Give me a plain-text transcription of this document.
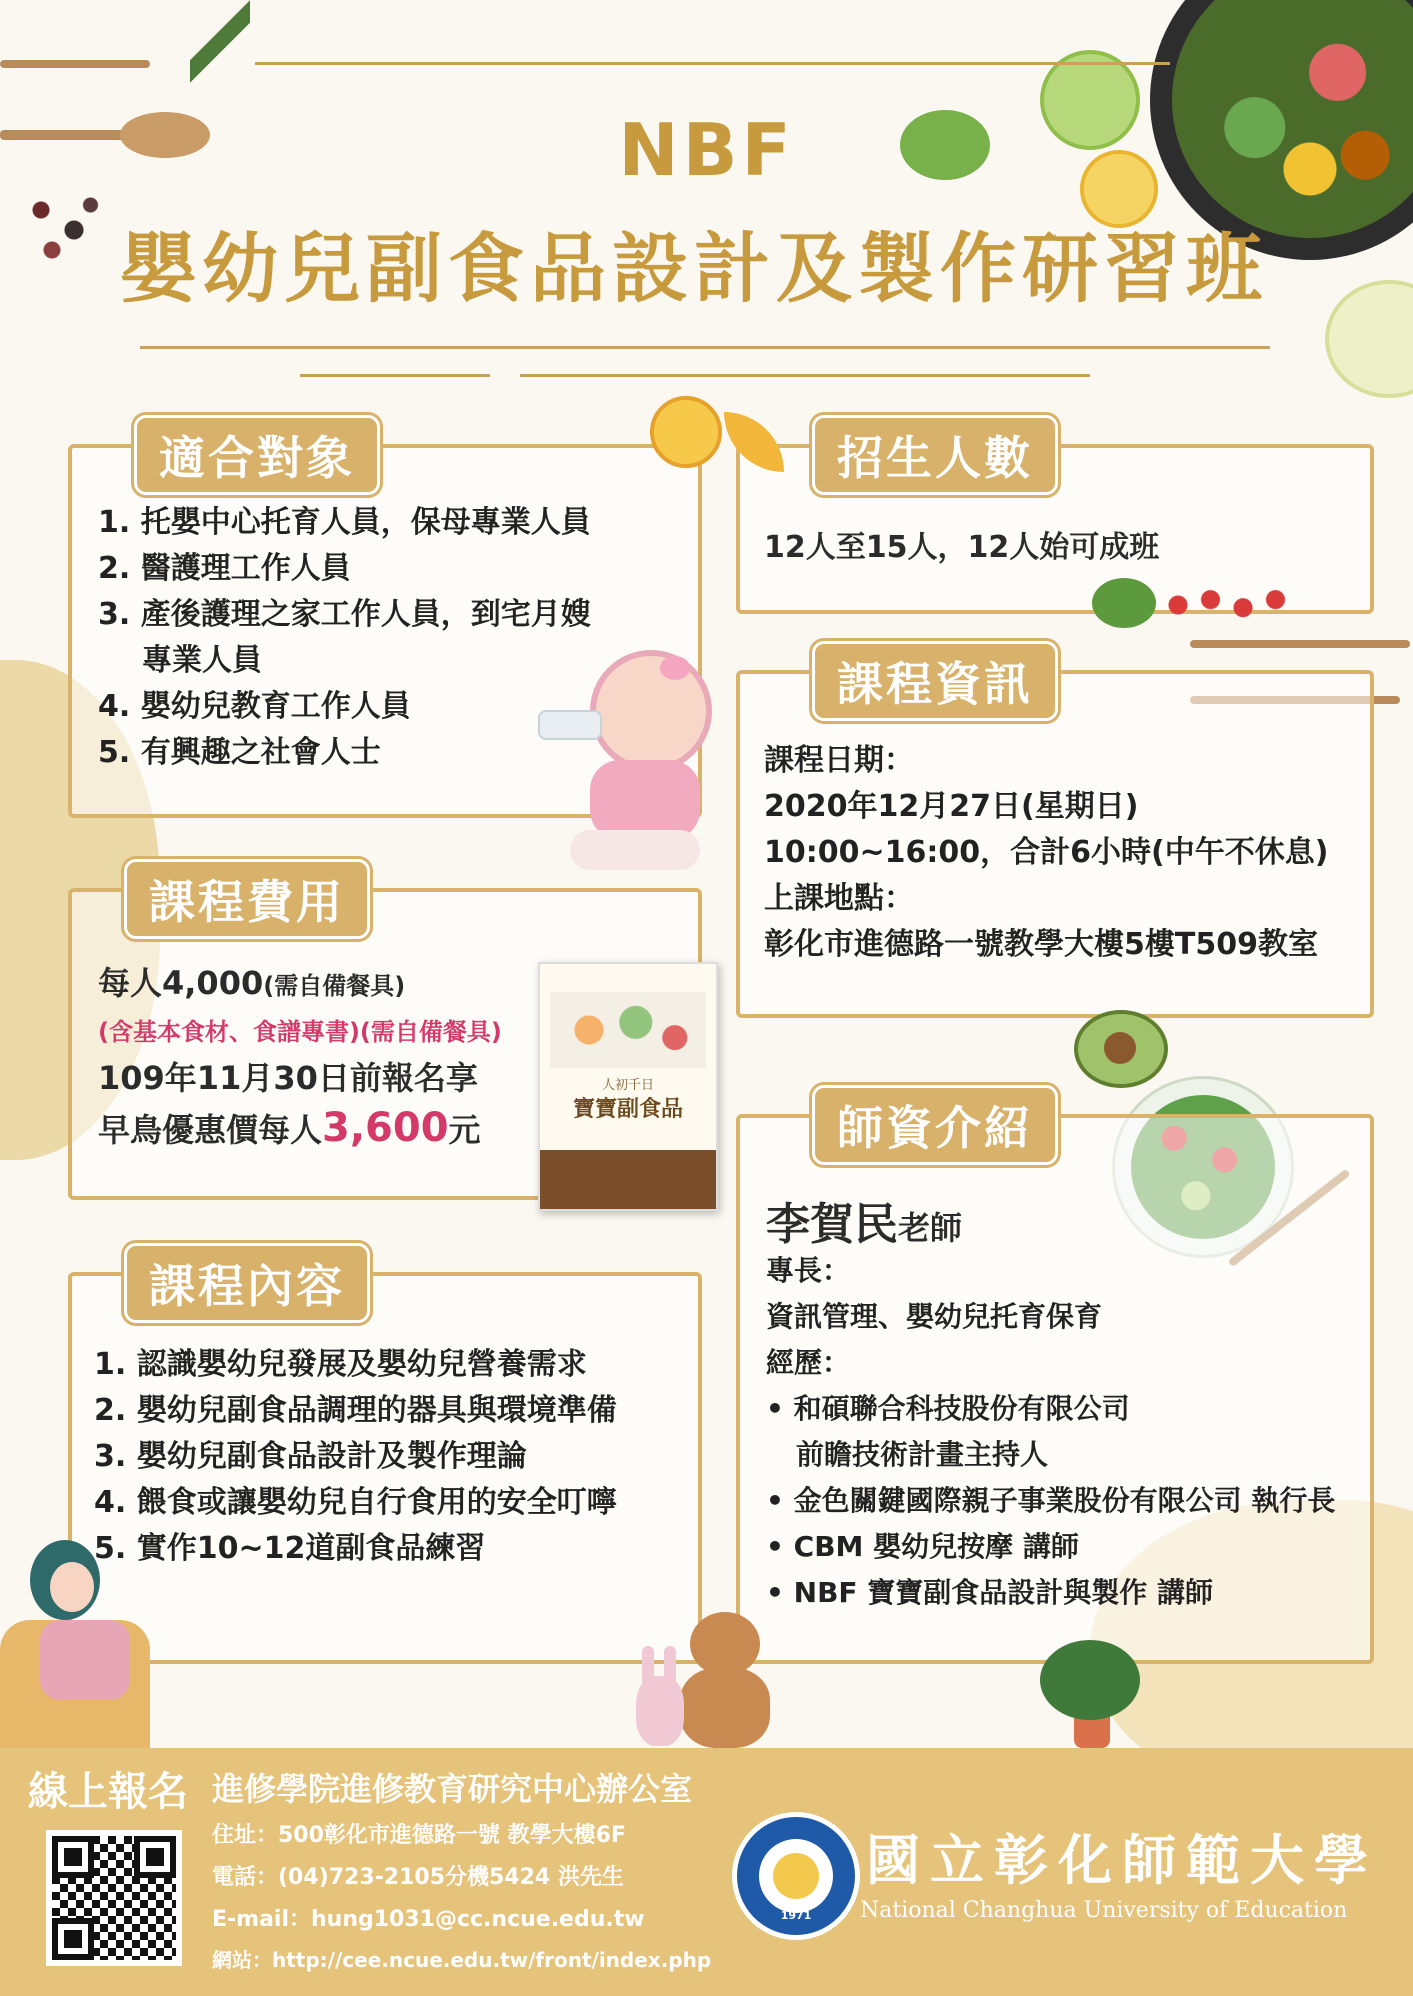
NBF
嬰幼兒副食品設計及製作研習班
適合對象
1. 托嬰中心托育人員，保母專業人員
2. 醫護理工作人員
3. 產後護理之家工作人員，到宅月嫂
專業人員
4. 嬰幼兒教育工作人員
5. 有興趣之社會人士
招生人數
12人至15人，12人始可成班
課程資訊
課程日期：
2020年12月27日(星期日)
10:00~16:00，合計6小時(中午不休息)
上課地點：
彰化市進德路一號教學大樓5樓T509教室
課程費用
每人4,000(需自備餐具)
(含基本食材、食譜專書)(需自備餐具)
109年11月30日前報名享
早鳥優惠價每人3,600元
人初千日
寶寶副食品	師資介紹
李賀民老師
專長：
資訊管理、嬰幼兒托育保育
經歷：
• 和碩聯合科技股份有限公司
前瞻技術計畫主持人
• 金色關鍵國際親子事業股份有限公司 執行長
• CBM 嬰幼兒按摩 講師
• NBF 寶寶副食品設計與製作 講師
課程內容
1. 認識嬰幼兒發展及嬰幼兒營養需求
2. 嬰幼兒副食品調理的器具與環境準備
3. 嬰幼兒副食品設計及製作理論
4. 餵食或讓嬰幼兒自行食用的安全叮嚀
5. 實作10~12道副食品練習
線上報名 進修學院進修教育研究中心辦公室
住址：500彰化市進德路一號 教學大樓6F
電話：(04)723-2105分機5424 洪先生
E-mail：hung1031@cc.ncue.edu.tw
網站：http://cee.ncue.edu.tw/front/index.php
國立彰化師範大學
National Changhua University of Education
1971
